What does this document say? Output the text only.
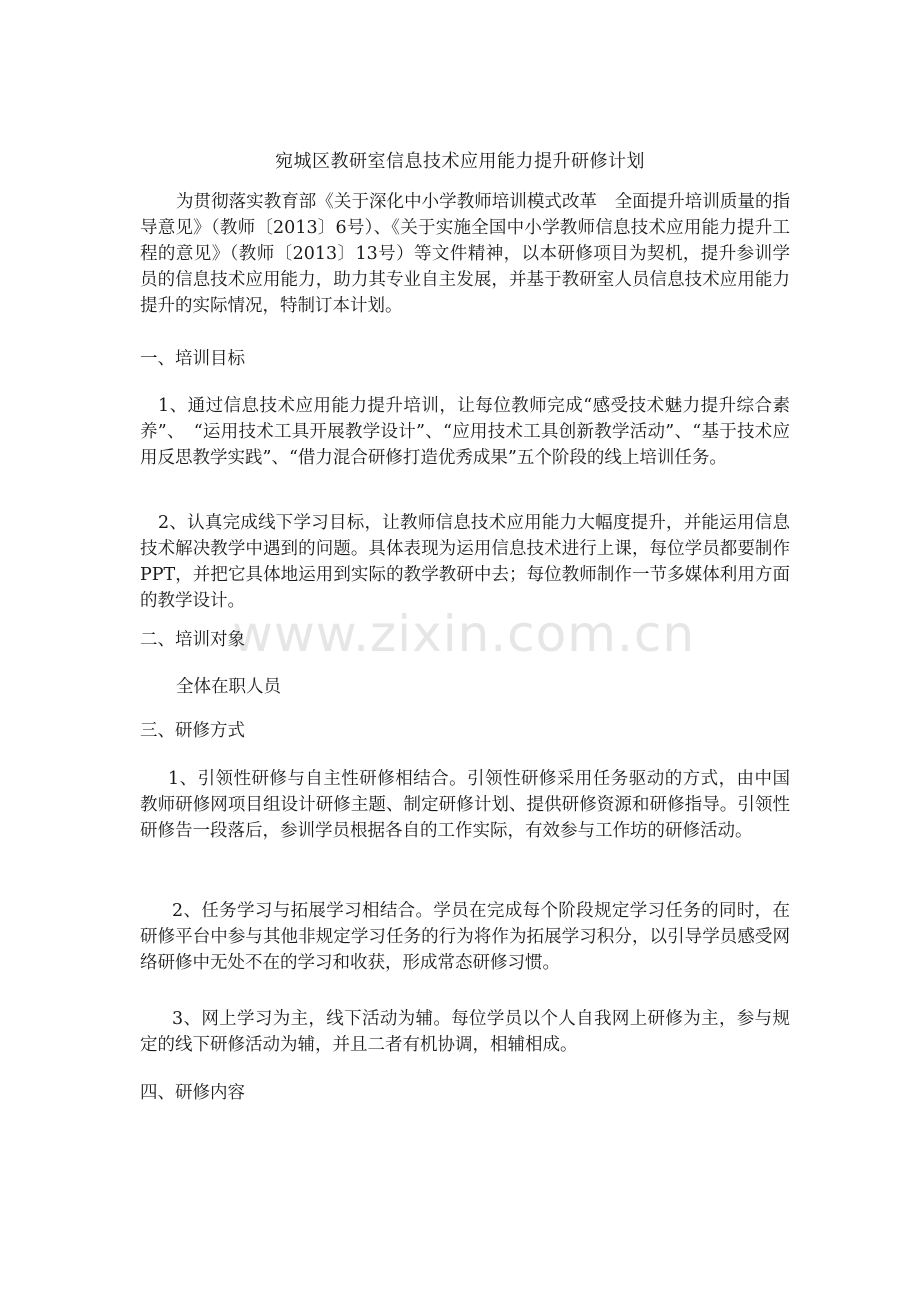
www.zixin.com.cn
宛城区教研室信息技术应用能力提升研修计划

为贯彻落实教育部《关于深化中小学教师培训模式改革　全面提升培训质量的指导意见》（教师〔2013〕6号）、《关于实施全国中小学教师信息技术应用能力提升工程的意见》（教师〔2013〕13号）等文件精神，以本研修项目为契机，提升参训学员的信息技术应用能力，助力其专业自主发展，并基于教研室人员信息技术应用能力提升的实际情况，特制订本计划。

一、培训目标

1、通过信息技术应用能力提升培训，让每位教师完成“感受技术魅力提升综合素养”、　“运用技术工具开展教学设计”、“应用技术工具创新教学活动”、“基于技术应用反思教学实践”、“借力混合研修打造优秀成果”五个阶段的线上培训任务。

2、认真完成线下学习目标，让教师信息技术应用能力大幅度提升，并能运用信息技术解决教学中遇到的问题。具体表现为运用信息技术进行上课，每位学员都要制作PPT，并把它具体地运用到实际的教学教研中去；每位教师制作一节多媒体利用方面的教学设计。

二、培训对象

全体在职人员

三、研修方式

1、引领性研修与自主性研修相结合。引领性研修采用任务驱动的方式，由中国教师研修网项目组设计研修主题、制定研修计划、提供研修资源和研修指导。引领性研修告一段落后，参训学员根据各自的工作实际，有效参与工作坊的研修活动。

2、任务学习与拓展学习相结合。学员在完成每个阶段规定学习任务的同时，在研修平台中参与其他非规定学习任务的行为将作为拓展学习积分，以引导学员感受网络研修中无处不在的学习和收获，形成常态研修习惯。

3、网上学习为主，线下活动为辅。每位学员以个人自我网上研修为主，参与规定的线下研修活动为辅，并且二者有机协调，相辅相成。

四、研修内容
